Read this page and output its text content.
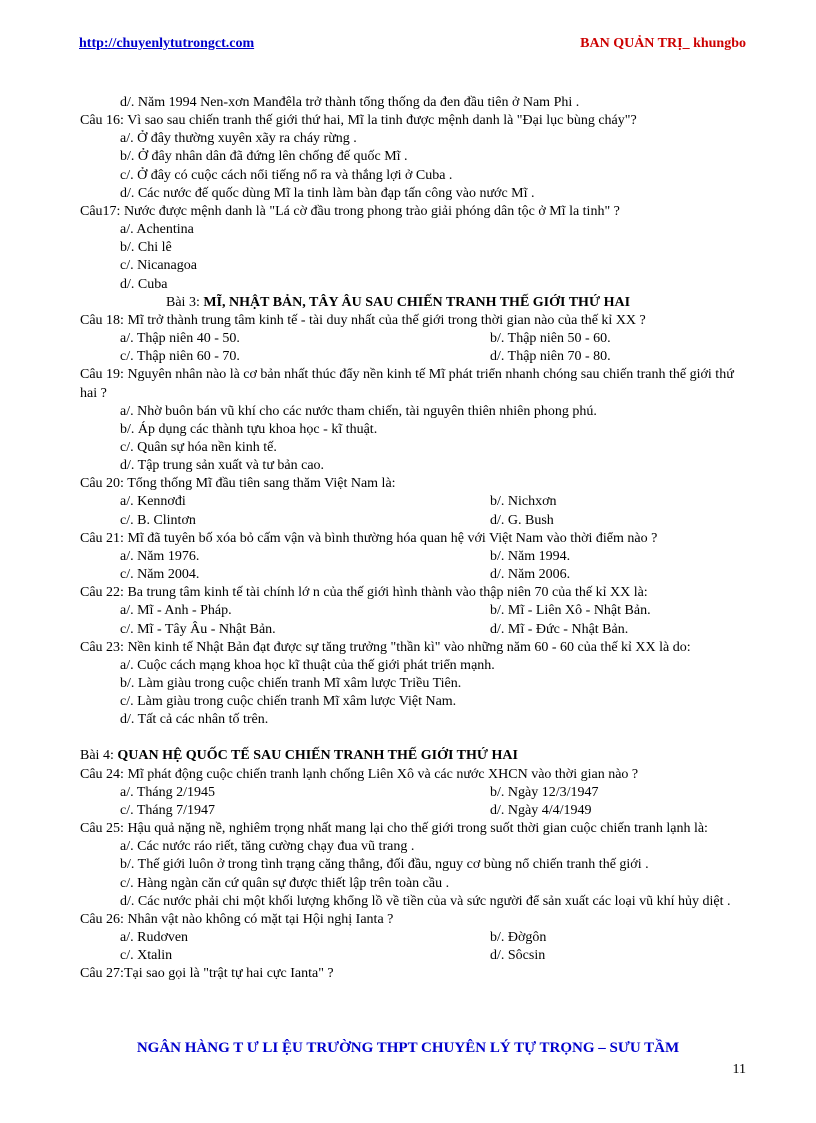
http://chuyenlytutrongct.com	BAN QUẢN TRỊ_ khungbo
d/. Năm 1994 Nen-xơn Manđêla trở thành tổng thống da đen đầu tiên ở Nam Phi .
Câu 16: Vì sao sau chiến tranh thế giới thứ hai, Mĩ la tinh được mệnh danh là "Đại lục bùng cháy"?
a/. Ở đây thường xuyên xãy ra cháy rừng .
b/. Ở đây nhân dân đã đứng lên chống đế quốc Mĩ .
c/. Ở đây có cuộc cách nổi tiếng nổ ra và thắng lợi ở Cuba .
d/. Các nước đế quốc dùng Mĩ la tinh làm bàn đạp tấn công vào nước Mĩ .
Câu17: Nước được mệnh danh là "Lá cờ đầu trong phong trào giải phóng dân tộc ở Mĩ la tinh" ?
a/. Achentina
b/. Chi lê
c/. Nicanagoa
d/. Cuba
Bài 3: MĨ, NHẬT BẢN, TÂY ÂU SAU CHIẾN TRANH THẾ GIỚI THỨ HAI
Câu 18: Mĩ trở thành trung tâm kinh tế - tài duy nhất của thế giới trong thời gian nào của thế kỉ XX ?
a/. Thập niên 40 - 50.	b/. Thập niên 50 - 60.
c/. Thập niên 60 - 70.	d/. Thập niên 70 - 80.
Câu 19: Nguyên nhân nào là cơ bản nhất thúc đẩy nền kinh tế Mĩ phát triển nhanh chóng sau chiến tranh thế giới thứ hai ?
a/. Nhờ buôn bán vũ khí cho các nước tham chiến, tài nguyên thiên nhiên phong phú.
b/. Áp dụng các thành tựu khoa học - kĩ thuật.
c/. Quân sự hóa nền kinh tế.
d/. Tập trung sản xuất và tư bản cao.
Câu 20: Tổng thống Mĩ đầu tiên sang thăm Việt Nam là:
a/. Kennơđi	b/. Nichxơn
c/. B. Clintơn	d/. G. Bush
Câu 21: Mĩ đã tuyên bố xóa bỏ cấm vận và bình thường hóa quan hệ với Việt Nam vào thời điểm nào ?
a/. Năm 1976.	b/. Năm 1994.
c/. Năm 2004.	d/. Năm 2006.
Câu 22: Ba trung tâm kinh tế tài chính lớ n của thế giới hình thành vào thập niên 70 của thế kỉ XX là:
a/. Mĩ - Anh - Pháp.	b/. Mĩ - Liên Xô - Nhật Bản.
c/. Mĩ - Tây Âu - Nhật Bản.	d/. Mĩ - Đức - Nhật Bản.
Câu 23: Nền kinh tế Nhật Bản đạt được sự tăng trưởng "thần kì" vào những năm 60 - 60 của thế kỉ XX là do:
a/. Cuộc cách mạng khoa học kĩ thuật của thế giới phát triển mạnh.
b/. Làm giàu trong cuộc chiến tranh Mĩ xâm lược Triều Tiên.
c/. Làm giàu trong cuộc chiến tranh Mĩ xâm lược Việt Nam.
d/. Tất cả các nhân tố trên.
Bài 4: QUAN HỆ QUỐC TẾ SAU CHIẾN TRANH THẾ GIỚI THỨ HAI
Câu 24: Mĩ phát động cuộc chiến tranh lạnh chống Liên Xô và các nước XHCN vào thời gian nào ?
a/. Tháng 2/1945	b/. Ngày 12/3/1947
c/. Tháng 7/1947	d/. Ngày 4/4/1949
Câu 25: Hậu quả nặng nề, nghiêm trọng nhất mang lại cho thế giới trong suốt thời gian cuộc chiến tranh lạnh là:
a/. Các nước ráo riết, tăng cường chạy đua vũ trang .
b/. Thế giới luôn ở trong tình trạng căng thẳng, đối đầu, nguy cơ bùng nổ chiến tranh thế giới .
c/. Hàng ngàn căn cứ quân sự được thiết lập trên toàn cầu .
d/. Các nước phải chi một khối lượng khổng lồ về tiền của và sức người để sản xuất các loại vũ khí hủy diệt .
Câu 26: Nhân vật nào không có mặt tại Hội nghị Ianta ?
a/. Rudơven	b/. Đờgôn
c/. Xtalin	d/. Sôcsin
Câu 27:Tại sao gọi là "trật tự hai cực Ianta" ?
NGÂN HÀNG T Ư LI ỆU TRƯỜNG THPT CHUYÊN LÝ TỰ TRỌNG – SƯU TẦM
11
